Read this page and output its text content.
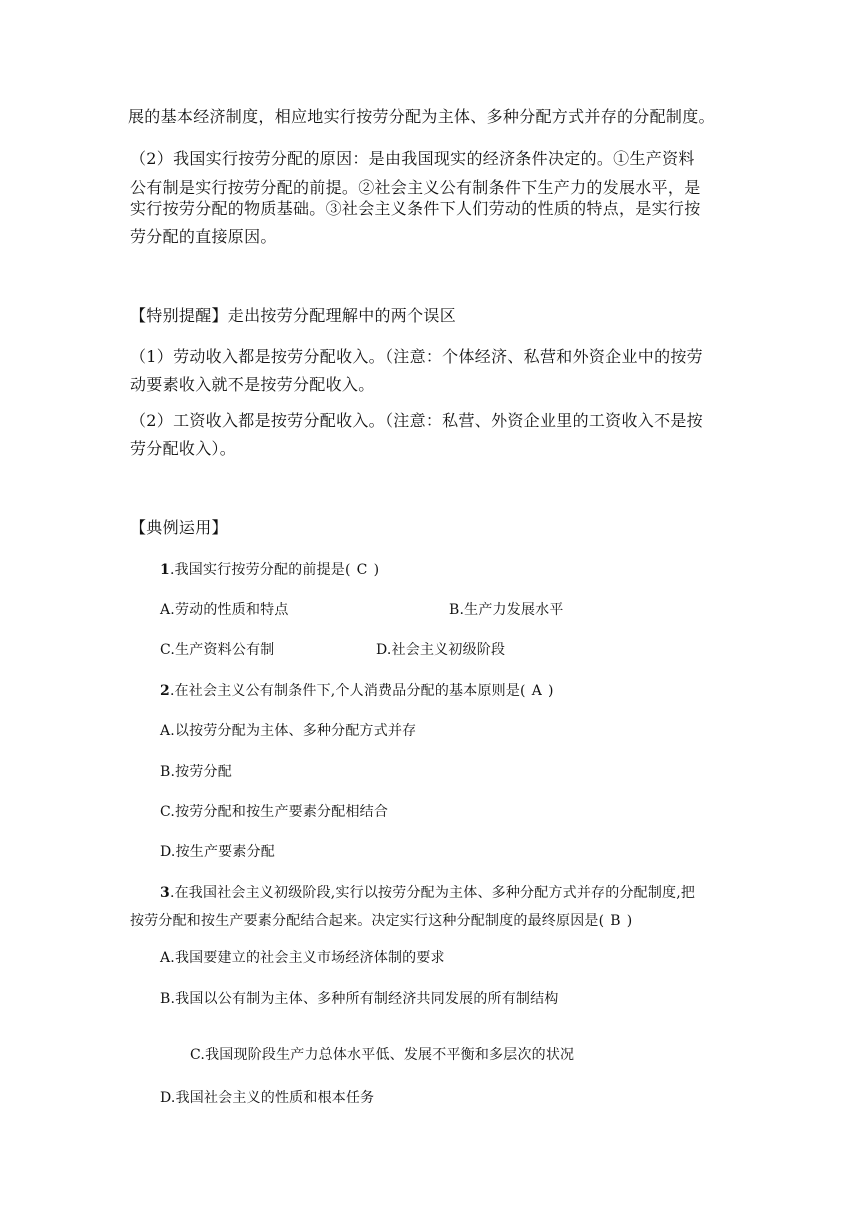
展的基本经济制度，相应地实行按劳分配为主体、多种分配方式并存的分配制度。
（2）我国实行按劳分配的原因：是由我国现实的经济条件决定的。①生产资料
公有制是实行按劳分配的前提。②社会主义公有制条件下生产力的发展水平，是
实行按劳分配的物质基础。③社会主义条件下人们劳动的性质的特点，是实行按
劳分配的直接原因。
【特别提醒】走出按劳分配理解中的两个误区
（1）劳动收入都是按劳分配收入。（注意：个体经济、私营和外资企业中的按劳
动要素收入就不是按劳分配收入。
（2）工资收入都是按劳分配收入。（注意：私营、外资企业里的工资收入不是按
劳分配收入）。
【典例运用】
1.我国实行按劳分配的前提是( C )
A.劳动的性质和特点	B.生产力发展水平
C.生产资料公有制	D.社会主义初级阶段
2.在社会主义公有制条件下,个人消费品分配的基本原则是( A )
A.以按劳分配为主体、多种分配方式并存
B.按劳分配
C.按劳分配和按生产要素分配相结合
D.按生产要素分配
3.在我国社会主义初级阶段,实行以按劳分配为主体、多种分配方式并存的分配制度,把
按劳分配和按生产要素分配结合起来。决定实行这种分配制度的最终原因是( B )
A.我国要建立的社会主义市场经济体制的要求
B.我国以公有制为主体、多种所有制经济共同发展的所有制结构
C.我国现阶段生产力总体水平低、发展不平衡和多层次的状况
D.我国社会主义的性质和根本任务
